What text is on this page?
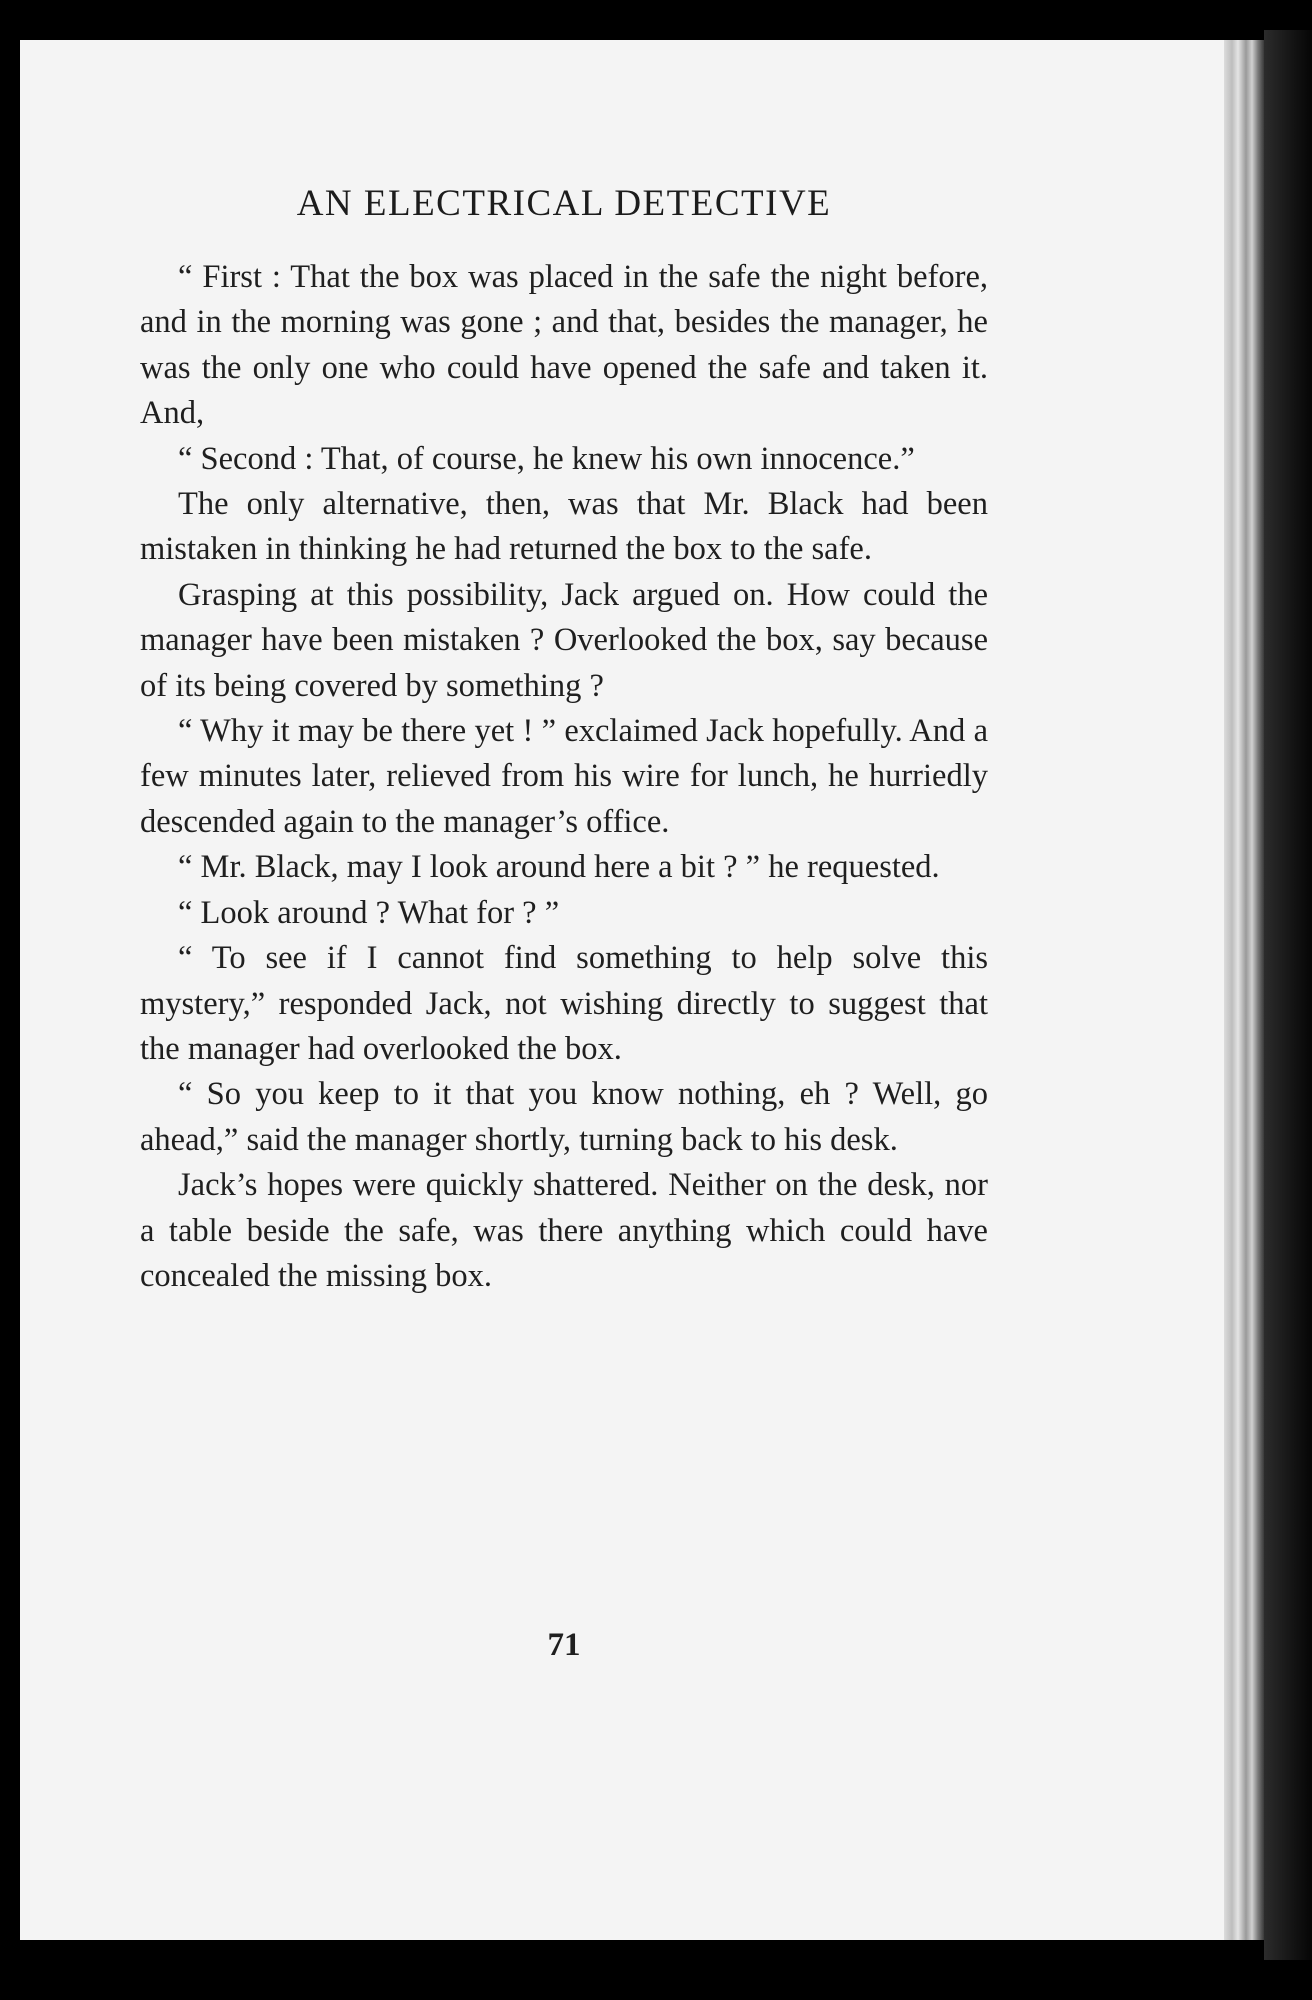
AN ELECTRICAL DETECTIVE

“ First : That the box was placed in the safe the night before, and in the morning was gone ; and that, besides the manager, he was the only one who could have opened the safe and taken it. And,

“ Second : That, of course, he knew his own innocence.”

The only alternative, then, was that Mr. Black had been mistaken in thinking he had returned the box to the safe.

Grasping at this possibility, Jack argued on. How could the manager have been mistaken ? Overlooked the box, say because of its being covered by something ?

“ Why it may be there yet ! ” exclaimed Jack hopefully. And a few minutes later, relieved from his wire for lunch, he hurriedly descended again to the manager’s office.

“ Mr. Black, may I look around here a bit ? ” he requested.

“ Look around ? What for ? ”

“ To see if I cannot find something to help solve this mystery,” responded Jack, not wishing directly to suggest that the manager had overlooked the box.

“ So you keep to it that you know nothing, eh ? Well, go ahead,” said the manager shortly, turning back to his desk.

Jack’s hopes were quickly shattered. Neither on the desk, nor a table beside the safe, was there anything which could have concealed the missing box.

71
